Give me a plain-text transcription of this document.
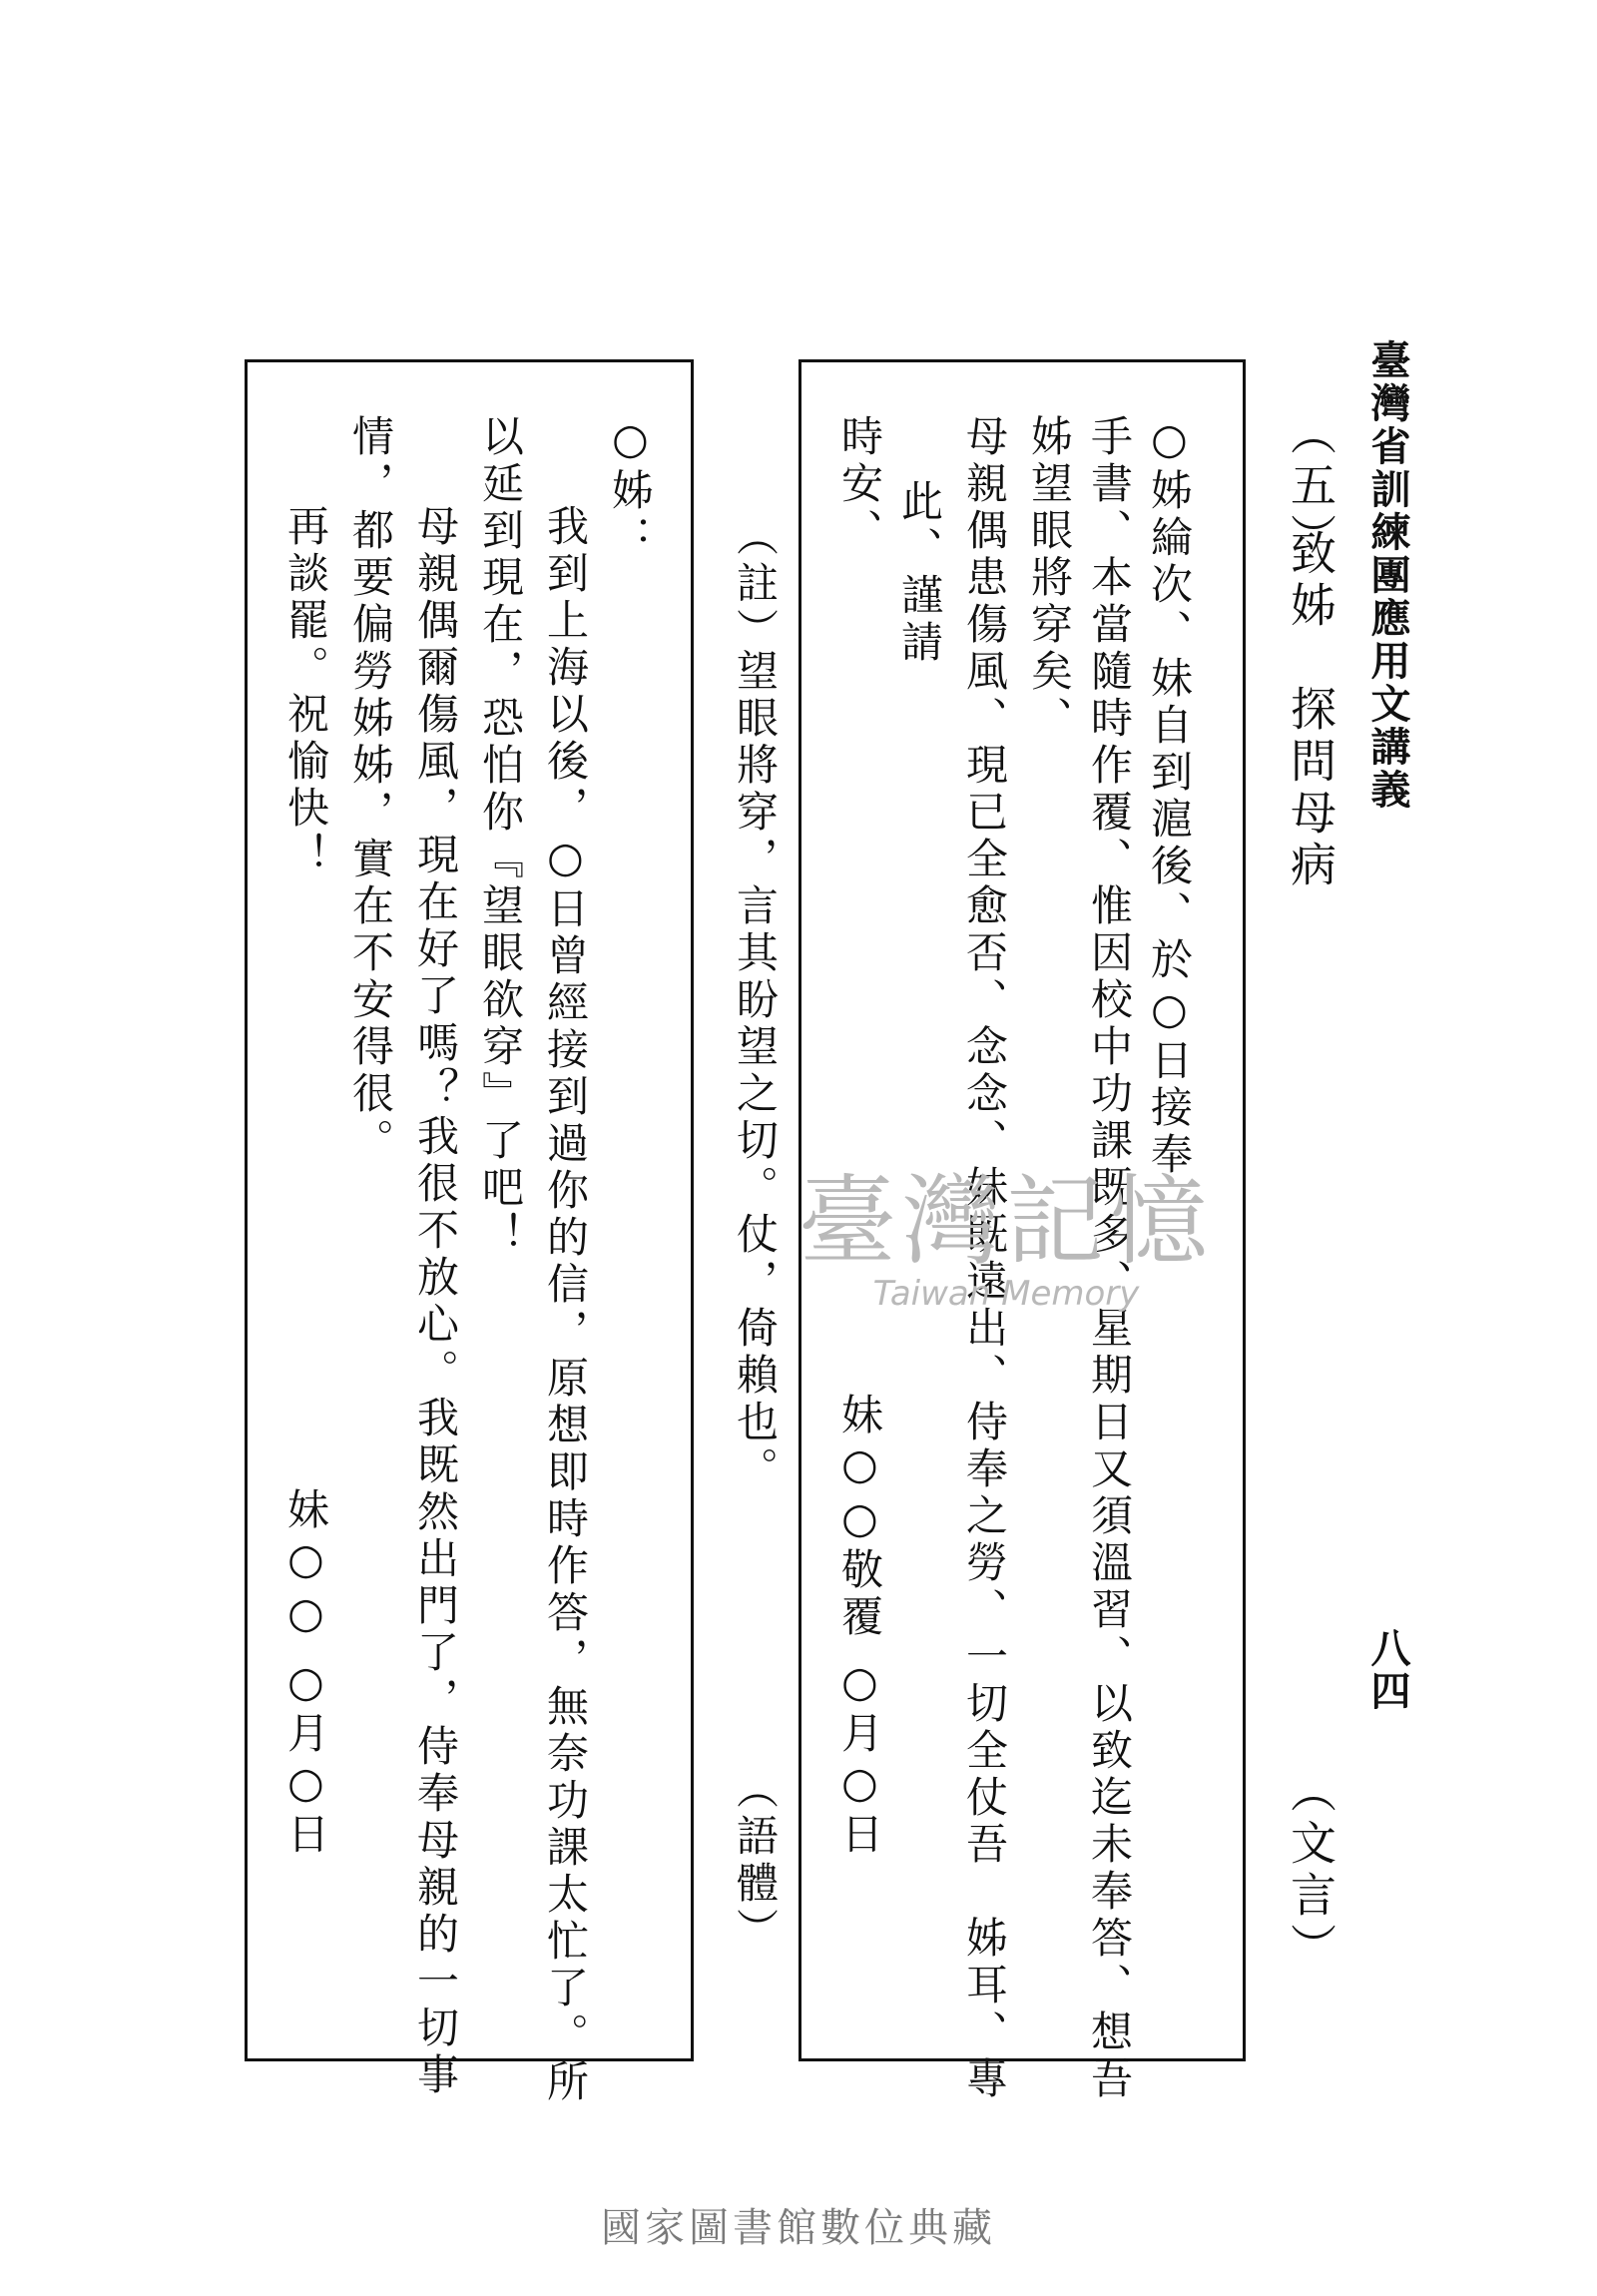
臺灣省訓練團應用文講義
八四
（五）
致姊　探問母病
（文言）
○姊綸次、妹自到滬後、於○日接奉
手書、本當隨時作覆、惟因校中功課既多、星期日又須溫習、以致迄未奉答、想吾
姊望眼將穿矣、
母親偶患傷風、現已全愈否、念念、妹既遠出、侍奉之勞、一切全仗吾　姊耳、專
此、謹請
時安、
妹○○敬覆
○月○日
（註）
望眼將穿，言其盼望之切。仗，倚賴也。
（語體）
○姊：
我到上海以後，○日曾經接到過你的信，原想即時作答，無奈功課太忙了。所
以延到現在，恐怕你『望眼欲穿』了吧！
母親偶爾傷風，現在好了嗎？我很不放心。我既然出門了，侍奉母親的一切事
情，都要偏勞姊姊，實在不安得很。
再談罷。祝愉快！
妹○○
○月○日
臺灣記憶
Taiwan Memory
國家圖書館數位典藏
